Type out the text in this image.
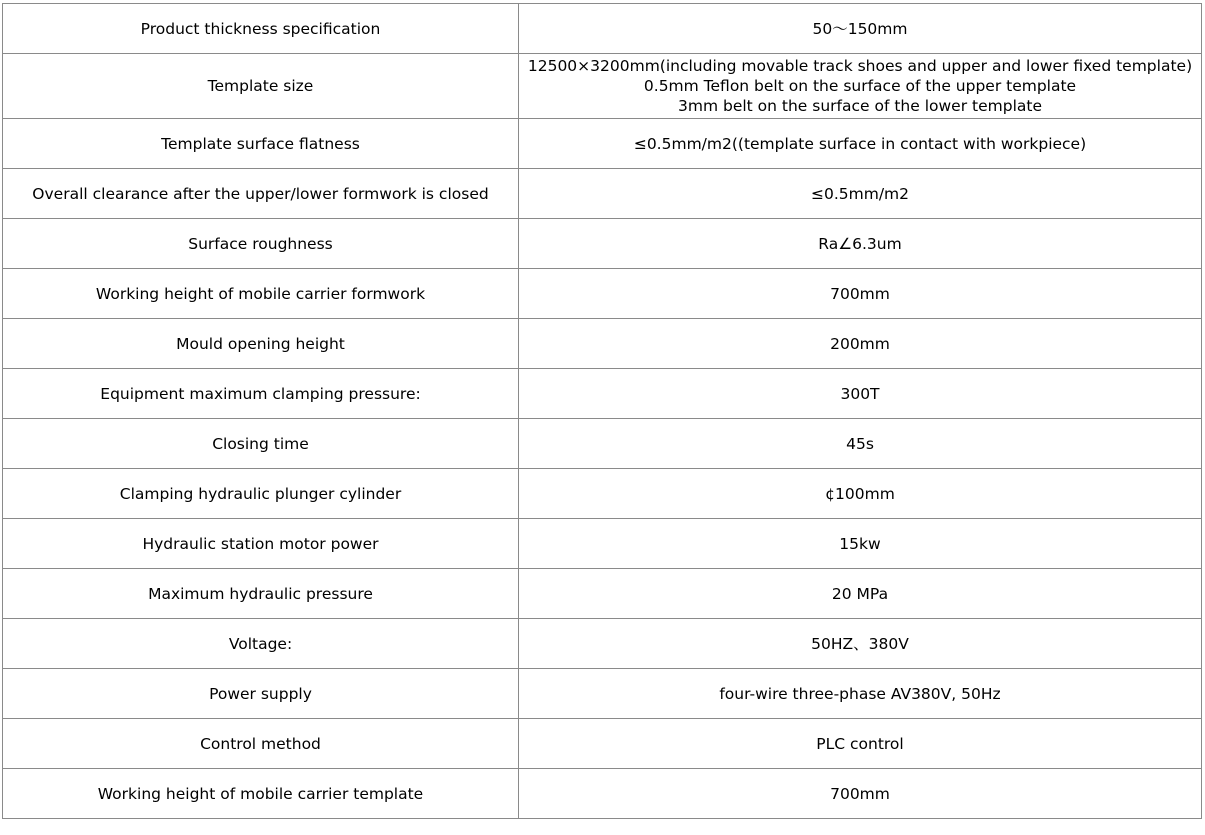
Product thickness specification	50～150mm
Template size	12500×3200mm(including movable track shoes and upper and lower fixed template)
0.5mm Teflon belt on the surface of the upper template
3mm belt on the surface of the lower template

Template surface flatness	≤0.5mm/m2((template surface in contact with workpiece)
Overall clearance after the upper/lower formwork is closed	≤0.5mm/m2
Surface roughness	Ra∠6.3um
Working height of mobile carrier formwork	700mm
Mould opening height	200mm
Equipment maximum clamping pressure:	300T
Closing time	45s
Clamping hydraulic plunger cylinder	¢100mm
Hydraulic station motor power	15kw
Maximum hydraulic pressure	20 MPa
Voltage:	50HZ、380V
Power supply	four-wire three-phase AV380V, 50Hz
Control method	PLC control
Working height of mobile carrier template	700mm
